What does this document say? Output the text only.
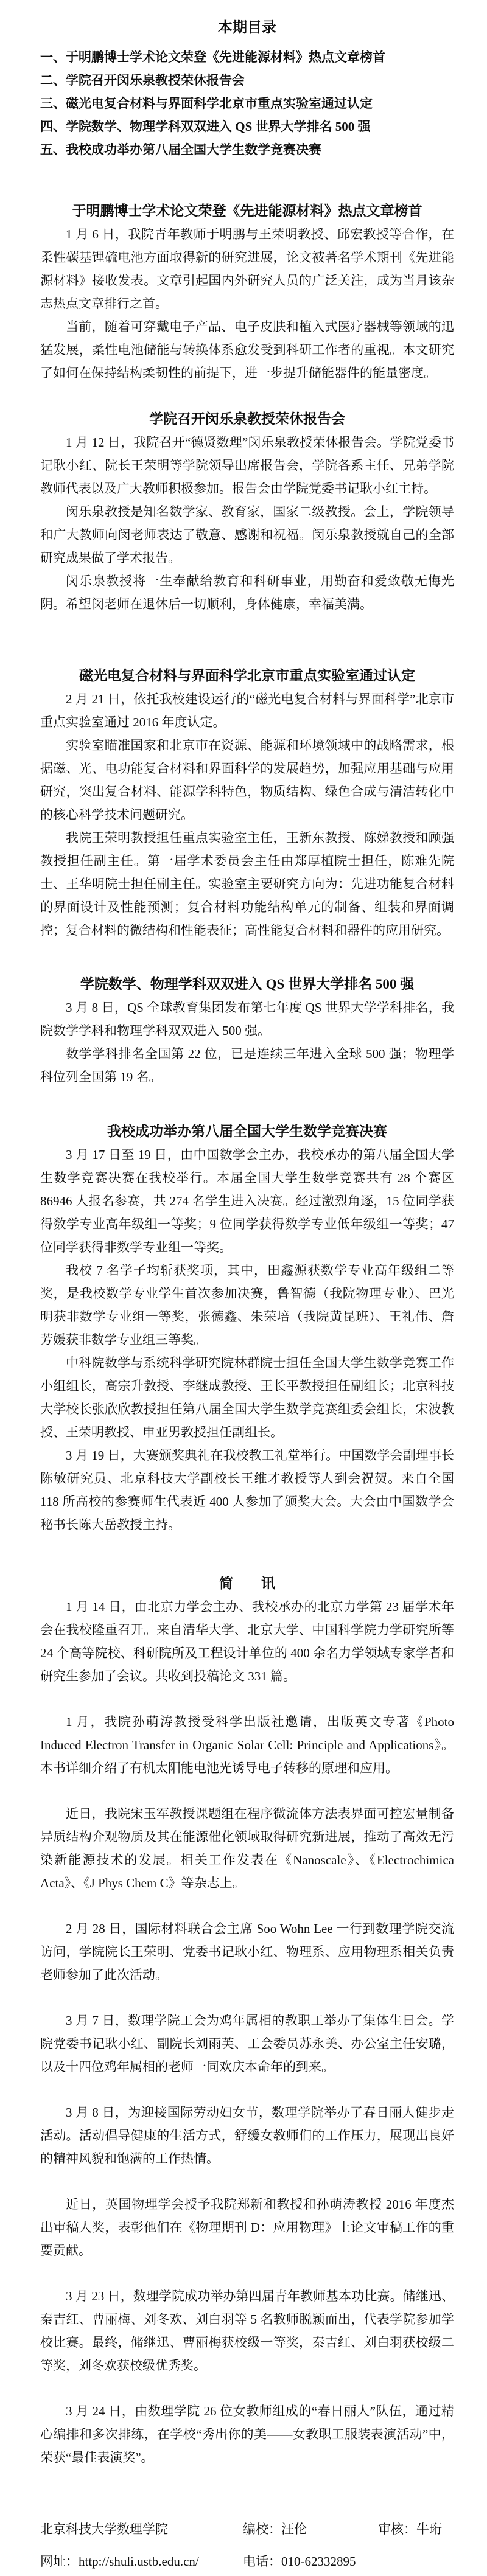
本期目录

一、于明鹏博士学术论文荣登《先进能源材料》热点文章榜首

二、学院召开闵乐泉教授荣休报告会

三、磁光电复合材料与界面科学北京市重点实验室通过认定

四、学院数学、物理学科双双进入 QS 世界大学排名 500 强

五、我校成功举办第八届全国大学生数学竞赛决赛

于明鹏博士学术论文荣登《先进能源材料》热点文章榜首

1 月 6 日，我院青年教师于明鹏与王荣明教授、邱宏教授等合作，在柔性碳基锂硫电池方面取得新的研究进展，论文被著名学术期刊《先进能源材料》接收发表。文章引起国内外研究人员的广泛关注，成为当月该杂志热点文章排行之首。

当前，随着可穿戴电子产品、电子皮肤和植入式医疗器械等领域的迅猛发展，柔性电池储能与转换体系愈发受到科研工作者的重视。本文研究了如何在保持结构柔韧性的前提下，进一步提升储能器件的能量密度。

学院召开闵乐泉教授荣休报告会

1 月 12 日，我院召开“德贤数理”闵乐泉教授荣休报告会。学院党委书记耿小红、院长王荣明等学院领导出席报告会，学院各系主任、兄弟学院教师代表以及广大教师积极参加。报告会由学院党委书记耿小红主持。

闵乐泉教授是知名数学家、教育家，国家二级教授。会上，学院领导和广大教师向闵老师表达了敬意、感谢和祝福。闵乐泉教授就自己的全部研究成果做了学术报告。

闵乐泉教授将一生奉献给教育和科研事业，用勤奋和爱致敬无悔光阴。希望闵老师在退休后一切顺利，身体健康，幸福美满。

磁光电复合材料与界面科学北京市重点实验室通过认定

2 月 21 日，依托我校建设运行的“磁光电复合材料与界面科学”北京市重点实验室通过 2016 年度认定。

实验室瞄准国家和北京市在资源、能源和环境领域中的战略需求，根据磁、光、电功能复合材料和界面科学的发展趋势，加强应用基础与应用研究，突出复合材料、能源学科特色，物质结构、绿色合成与清洁转化中的核心科学技术问题研究。

我院王荣明教授担任重点实验室主任，王新东教授、陈娣教授和顾强教授担任副主任。第一届学术委员会主任由郑厚植院士担任，陈难先院士、王华明院士担任副主任。实验室主要研究方向为：先进功能复合材料的界面设计及性能预测；复合材料功能结构单元的制备、组装和界面调控；复合材料的微结构和性能表征；高性能复合材料和器件的应用研究。

学院数学、物理学科双双进入 QS 世界大学排名 500 强

3 月 8 日，QS 全球教育集团发布第七年度 QS 世界大学学科排名，我院数学学科和物理学科双双进入 500 强。

数学学科排名全国第 22 位，已是连续三年进入全球 500 强；物理学科位列全国第 19 名。

我校成功举办第八届全国大学生数学竞赛决赛

3 月 17 日至 19 日，由中国数学会主办，我校承办的第八届全国大学生数学竞赛决赛在我校举行。本届全国大学生数学竞赛共有 28 个赛区 86946 人报名参赛，共 274 名学生进入决赛。经过激烈角逐，15 位同学获得数学专业高年级组一等奖；9 位同学获得数学专业低年级组一等奖；47 位同学获得非数学专业组一等奖。

我校 7 名学子均斩获奖项，其中，田鑫源获数学专业高年级组二等奖，是我校数学专业学生首次参加决赛，鲁智德（我院物理专业）、巴光明获非数学专业组一等奖，张德鑫、朱荣培（我院黄昆班）、王礼伟、詹芳媛获非数学专业组三等奖。

中科院数学与系统科学研究院林群院士担任全国大学生数学竞赛工作小组组长，高宗升教授、李继成教授、王长平教授担任副组长；北京科技大学校长张欣欣教授担任第八届全国大学生数学竞赛组委会组长，宋波教授、王荣明教授、申亚男教授担任副组长。

3 月 19 日，大赛颁奖典礼在我校教工礼堂举行。中国数学会副理事长陈敏研究员、北京科技大学副校长王维才教授等人到会祝贺。来自全国 118 所高校的参赛师生代表近 400 人参加了颁奖大会。大会由中国数学会秘书长陈大岳教授主持。

简　　讯

1 月 14 日，由北京力学会主办、我校承办的北京力学第 23 届学术年会在我校隆重召开。来自清华大学、北京大学、中国科学院力学研究所等 24 个高等院校、科研院所及工程设计单位的 400 余名力学领域专家学者和研究生参加了会议。共收到投稿论文 331 篇。

1 月，我院孙萌涛教授受科学出版社邀请，出版英文专著《Photo Induced Electron Transfer in Organic Solar Cell: Principle and Applications》。本书详细介绍了有机太阳能电池光诱导电子转移的原理和应用。

近日，我院宋玉军教授课题组在程序微流体方法表界面可控宏量制备异质结构介观物质及其在能源催化领域取得研究新进展，推动了高效无污染新能源技术的发展。相关工作发表在《Nanoscale》、《Electrochimica Acta》、《J Phys Chem C》等杂志上。

2 月 28 日，国际材料联合会主席 Soo Wohn Lee 一行到数理学院交流访问，学院院长王荣明、党委书记耿小红、物理系、应用物理系相关负责老师参加了此次活动。

3 月 7 日，数理学院工会为鸡年属相的教职工举办了集体生日会。学院党委书记耿小红、副院长刘雨芙、工会委员苏永美、办公室主任安璐，以及十四位鸡年属相的老师一同欢庆本命年的到来。

3 月 8 日，为迎接国际劳动妇女节，数理学院举办了春日丽人健步走活动。活动倡导健康的生活方式，舒缓女教师们的工作压力，展现出良好的精神风貌和饱满的工作热情。

近日，英国物理学会授予我院郑新和教授和孙萌涛教授 2016 年度杰出审稿人奖，表彰他们在《物理期刊 D：应用物理》上论文审稿工作的重要贡献。

3 月 23 日，数理学院成功举办第四届青年教师基本功比赛。储继迅、秦吉红、曹丽梅、刘冬欢、刘白羽等 5 名教师脱颖而出，代表学院参加学校比赛。最终，储继迅、曹丽梅获校级一等奖，秦吉红、刘白羽获校级二等奖，刘冬欢获校级优秀奖。

3 月 24 日，由数理学院 26 位女教师组成的“春日丽人”队伍，通过精心编排和多次排练，在学校“秀出你的美——女教职工服装表演活动”中，荣获“最佳表演奖”。

北京科技大学数理学院	编校：汪伦	审核：牛珩
网址：http://shuli.ustb.edu.cn/	电话：010-62332895
